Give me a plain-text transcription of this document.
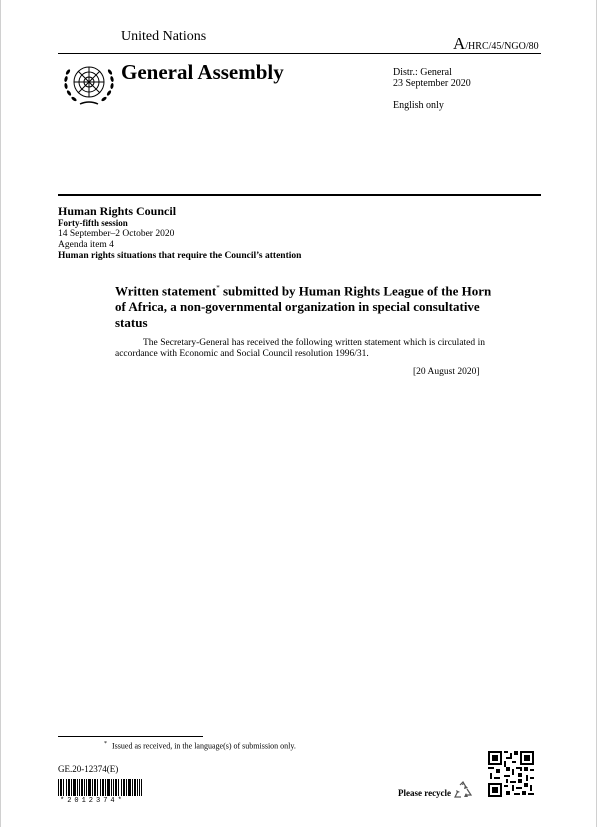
United Nations	A/HRC/45/NGO/80
General Assembly	Distr.: General
23 September 2020
English only
Human Rights Council
Forty-fifth session
14 September–2 October 2020
Agenda item 4
Human rights situations that require the Council’s attention
Written statement* submitted by Human Rights League of the Horn of Africa, a non-governmental organization in special consultative status
The Secretary-General has received the following written statement which is circulated in accordance with Economic and Social Council resolution 1996/31.
[20 August 2020]
* Issued as received, in the language(s) of submission only.
GE.20-12374(E)
*2012374*
Please recycle
